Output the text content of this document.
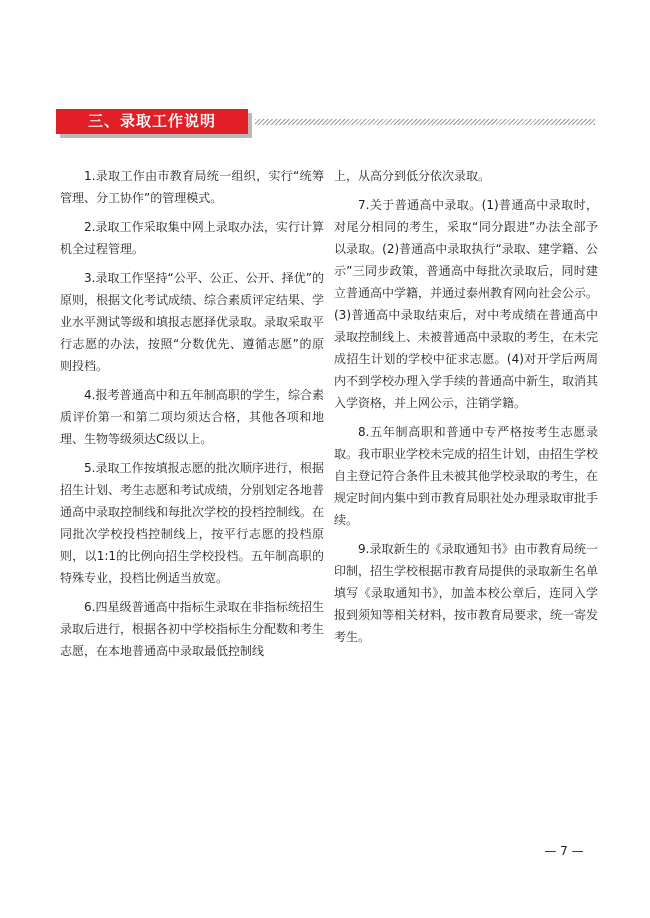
三、录取工作说明

1.录取工作由市教育局统一组织，实行“统筹管理、分工协作”的管理模式。

2.录取工作采取集中网上录取办法，实行计算机全过程管理。

3.录取工作坚持“公平、公正、公开、择优”的原则，根据文化考试成绩、综合素质评定结果、学业水平测试等级和填报志愿择优录取。录取采取平行志愿的办法，按照“分数优先、遵循志愿”的原则投档。

4.报考普通高中和五年制高职的学生，综合素质评价第一和第二项均须达合格，其他各项和地理、生物等级须达C级以上。

5.录取工作按填报志愿的批次顺序进行，根据招生计划、考生志愿和考试成绩，分别划定各地普通高中录取控制线和每批次学校的投档控制线。在同批次学校投档控制线上，按平行志愿的投档原则，以1:1的比例向招生学校投档。五年制高职的特殊专业，投档比例适当放宽。

6.四星级普通高中指标生录取在非指标统招生录取后进行，根据各初中学校指标生分配数和考生志愿，在本地普通高中录取最低控制线

上，从高分到低分依次录取。

7.关于普通高中录取。(1)普通高中录取时，对尾分相同的考生，采取“同分跟进”办法全部予以录取。(2)普通高中录取执行“录取、建学籍、公示”三同步政策，普通高中每批次录取后，同时建立普通高中学籍，并通过泰州教育网向社会公示。(3)普通高中录取结束后，对中考成绩在普通高中录取控制线上、未被普通高中录取的考生，在未完成招生计划的学校中征求志愿。(4)对开学后两周内不到学校办理入学手续的普通高中新生，取消其入学资格，并上网公示，注销学籍。

8.五年制高职和普通中专严格按考生志愿录取。我市职业学校未完成的招生计划，由招生学校自主登记符合条件且未被其他学校录取的考生，在规定时间内集中到市教育局职社处办理录取审批手续。

9.录取新生的《录取通知书》由市教育局统一印制，招生学校根据市教育局提供的录取新生名单填写《录取通知书》，加盖本校公章后，连同入学报到须知等相关材料，按市教育局要求，统一寄发考生。

— 7 —
